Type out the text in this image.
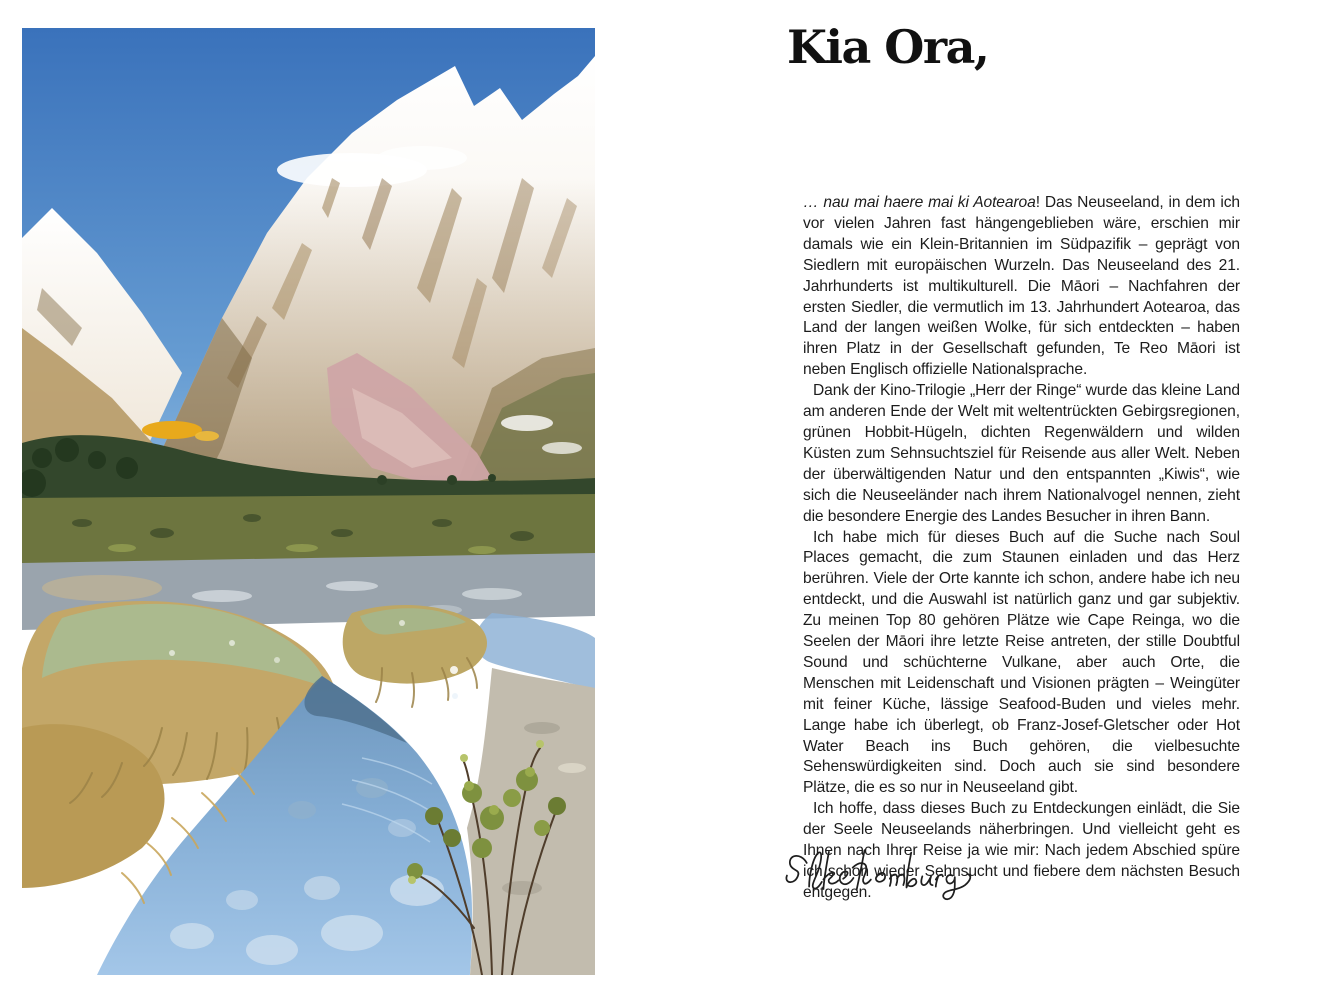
Kia Ora,

… nau mai haere mai ki Aotearoa! Das Neuseeland, in dem ich vor vielen Jahren fast hängengeblieben wäre, erschien mir damals wie ein Klein-Britannien im Südpazifik – geprägt von Siedlern mit europäischen Wurzeln. Das Neuseeland des 21. Jahrhunderts ist multikulturell. Die Māori – Nachfahren der ersten Siedler, die vermutlich im 13. Jahrhundert Aotearoa, das Land der langen weißen Wolke, für sich entdeckten – haben ihren Platz in der Gesellschaft gefunden, Te Reo Māori ist neben Englisch offizielle Nationalsprache.

Dank der Kino-Trilogie „Herr der Ringe“ wurde das kleine Land am anderen Ende der Welt mit weltentrückten Gebirgsregionen, grünen Hobbit-Hügeln, dichten Regenwäldern und wilden Küsten zum Sehnsuchtsziel für Reisende aus aller Welt. Neben der überwältigenden Natur und den entspannten „Kiwis“, wie sich die Neuseeländer nach ihrem Nationalvogel nennen, zieht die besondere Energie des Landes Besucher in ihren Bann.

Ich habe mich für dieses Buch auf die Suche nach Soul Places gemacht, die zum Staunen einladen und das Herz berühren. Viele der Orte kannte ich schon, andere habe ich neu entdeckt, und die Auswahl ist natürlich ganz und gar subjektiv. Zu meinen Top 80 gehören Plätze wie Cape Reinga, wo die Seelen der Māori ihre letzte Reise antreten, der stille Doubtful Sound und schüchterne Vulkane, aber auch Orte, die Menschen mit Leidenschaft und Visionen prägten – Weingüter mit feiner Küche, lässige Seafood-Buden und vieles mehr. Lange habe ich überlegt, ob Franz-Josef-Gletscher oder Hot Water Beach ins Buch gehören, die vielbesuchte Sehenswürdigkeiten sind. Doch auch sie sind besondere Plätze, die es so nur in Neuseeland gibt.

Ich hoffe, dass dieses Buch zu Entdeckungen einlädt, die Sie der Seele Neuseelands näherbringen. Und vielleicht geht es Ihnen nach Ihrer Reise ja wie mir: Nach jedem Abschied spüre ich schon wieder Sehnsucht und fiebere dem nächsten Besuch entgegen.
